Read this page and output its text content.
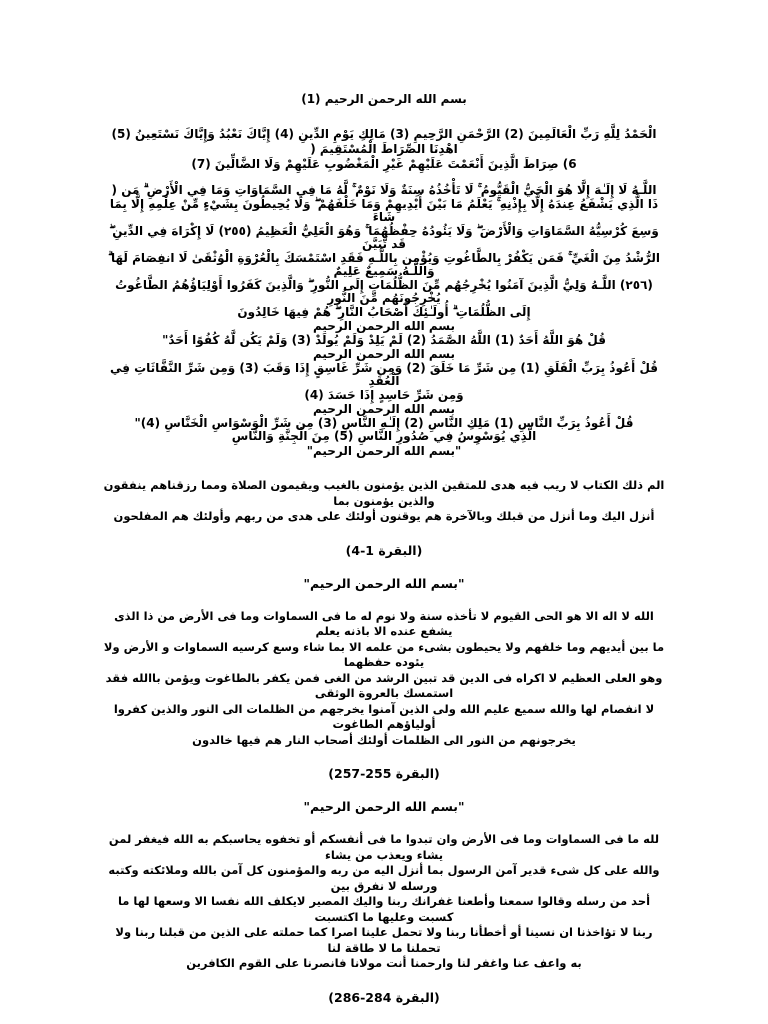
بسم الله الرحمن الرحيم (1)

الْحَمْدُ لِلَّهِ رَبِّ الْعَالَمِينَ (2) الرَّحْمَنِ الرَّحِيمِ (3) مَالِكِ يَوْمِ الدِّينِ (4) إِيَّاكَ نَعْبُدُ وَإِيَّاكَ نَسْتَعِينُ (5) اهْدِنَا الصِّرَاطَ الْمُسْتَقِيمَ (

6) صِرَاطَ الَّذِينَ أَنْعَمْتَ عَلَيْهِمْ غَيْرِ الْمَغْضُوبِ عَلَيْهِمْ وَلَا الضَّالِّينَ (7)

اللَّـهُ لَا إِلَـٰهَ إِلَّا هُوَ الْحَيُّ الْقَيُّومُ ۚ لَا تَأْخُذُهُ سِنَةٌ وَلَا نَوْمٌ ۚ لَّهُ مَا فِي السَّمَاوَاتِ وَمَا فِي الْأَرْضِ ۗ مَن (

ذَا الَّذِي يَشْفَعُ عِندَهُ إِلَّا بِإِذْنِهِ ۚ يَعْلَمُ مَا بَيْنَ أَيْدِيهِمْ وَمَا خَلْفَهُمْ ۖ وَلَا يُحِيطُونَ بِشَيْءٍ مِّنْ عِلْمِهِ إِلَّا بِمَا شَاءَ

وَسِعَ كُرْسِيُّهُ السَّمَاوَاتِ وَالْأَرْضَ ۖ وَلَا يَئُودُهُ حِفْظُهُمَا ۚ وَهُوَ الْعَلِيُّ الْعَظِيمُ (٢٥٥) لَا إِكْرَاهَ فِي الدِّينِ ۖ قَد تَّبَيَّنَ

الرُّشْدُ مِنَ الْغَيِّ ۚ فَمَن يَكْفُرْ بِالطَّاغُوتِ وَيُؤْمِن بِاللَّـهِ فَقَدِ اسْتَمْسَكَ بِالْعُرْوَةِ الْوُثْقَىٰ لَا انفِصَامَ لَهَا ۗ وَاللَّـهُ سَمِيعٌ عَلِيمٌ

(٢٥٦) اللَّـهُ وَلِيُّ الَّذِينَ آمَنُوا يُخْرِجُهُم مِّنَ الظُّلُمَاتِ إِلَى النُّورِ ۖ وَالَّذِينَ كَفَرُوا أَوْلِيَاؤُهُمُ الطَّاغُوتُ يُخْرِجُونَهُم مِّنَ النُّورِ

إِلَى الظُّلُمَاتِ ۗ أُولَـٰئِكَ أَصْحَابُ النَّارِ ۖ هُمْ فِيهَا خَالِدُونَ

بسم الله الرحمن الرحيم

قُلْ هُوَ اللَّهُ أَحَدٌ (1) اللَّهُ الصَّمَدُ (2) لَمْ يَلِدْ وَلَمْ يُولَدْ (3) وَلَمْ يَكُن لَّهُ كُفُوًا أَحَدٌ"

بسم الله الرحمن الرحيم

قُلْ أَعُوذُ بِرَبِّ الْفَلَقِ (1) مِن شَرِّ مَا خَلَقَ (2) وَمِن شَرِّ غَاسِقٍ إِذَا وَقَبَ (3) وَمِن شَرِّ النَّفَّاثَاتِ فِي الْعُقَدِ

وَمِن شَرِّ حَاسِدٍ إِذَا حَسَدَ (4)

بسم الله الرحمن الرحيم

قُلْ أَعُوذُ بِرَبِّ النَّاسِ (1) مَلِكِ النَّاسِ (2) إِلَـٰهِ النَّاسِ (3) مِن شَرِّ الْوَسْوَاسِ الْخَنَّاسِ (4)"

الَّذِي يُوَسْوِسُ فِي صُدُورِ النَّاسِ (5) مِنَ الْجِنَّةِ وَالنَّاسِ

"بسم الله الرحمن الرحيم"

الم ذلك الكتاب لا ريب فيه هدى للمتقين الذين يؤمنون بالغيب ويقيمون الصلاة ومما رزقناهم ينفقون والذين يؤمنون بما

أنزل اليك وما أنزل من قبلك وبالآخرة هم يوقنون أولئك على هدى من ربهم وأولئك هم المفلحون

(البقرة 1-4)

"بسم الله الرحمن الرحيم"

الله لا اله الا هو الحى القيوم لا تأخذه سنة ولا نوم له ما فى السماوات وما فى الأرض من ذا الذى يشفع عنده الا باذنه يعلم

ما بين أيديهم وما خلفهم ولا يحيطون بشىء من علمه الا بما شاء وسع كرسيه السماوات و الأرض ولا يئوده حفظهما

وهو العلى العظيم لا اكراه فى الدين قد تبين الرشد من الغى فمن يكفر بالطاغوت ويؤمن باالله فقد استمسك بالعروة الوثقى

لا انفصام لها والله سميع عليم الله ولى الذين آمنوا يخرجهم من الظلمات الى النور والذين كفروا أولياؤهم الطاغوت

يخرجونهم من النور الى الظلمات أولئك أصحاب النار هم فيها خالدون

(البقرة 255-257)

"بسم الله الرحمن الرحيم"

لله ما فى السماوات وما فى الأرض وان تبدوا ما فى أنفسكم أو تخفوه يحاسبكم به الله فيغفر لمن يشاء ويعذب من يشاء

والله على كل شىء قدير آمن الرسول بما أنزل اليه من ربه والمؤمنون كل آمن بالله وملائكته وكتبه ورسله لا نفرق بين

أحد من رسله وقالوا سمعنا وأطعنا غفرانك ربنا واليك المصير لايكلف الله نفسا الا وسعها لها ما كسبت وعليها ما اكتسبت

ربنا لا تؤاخذنا ان نسينا أو أخطأنا ربنا ولا تحمل علينا اصرا كما حملته على الذين من قبلنا ربنا ولا تحملنا ما لا طاقة لنا

به واعف عنا واغفر لنا وارحمنا أنت مولانا فانصرنا على القوم الكافرين

(البقرة 284-286)
